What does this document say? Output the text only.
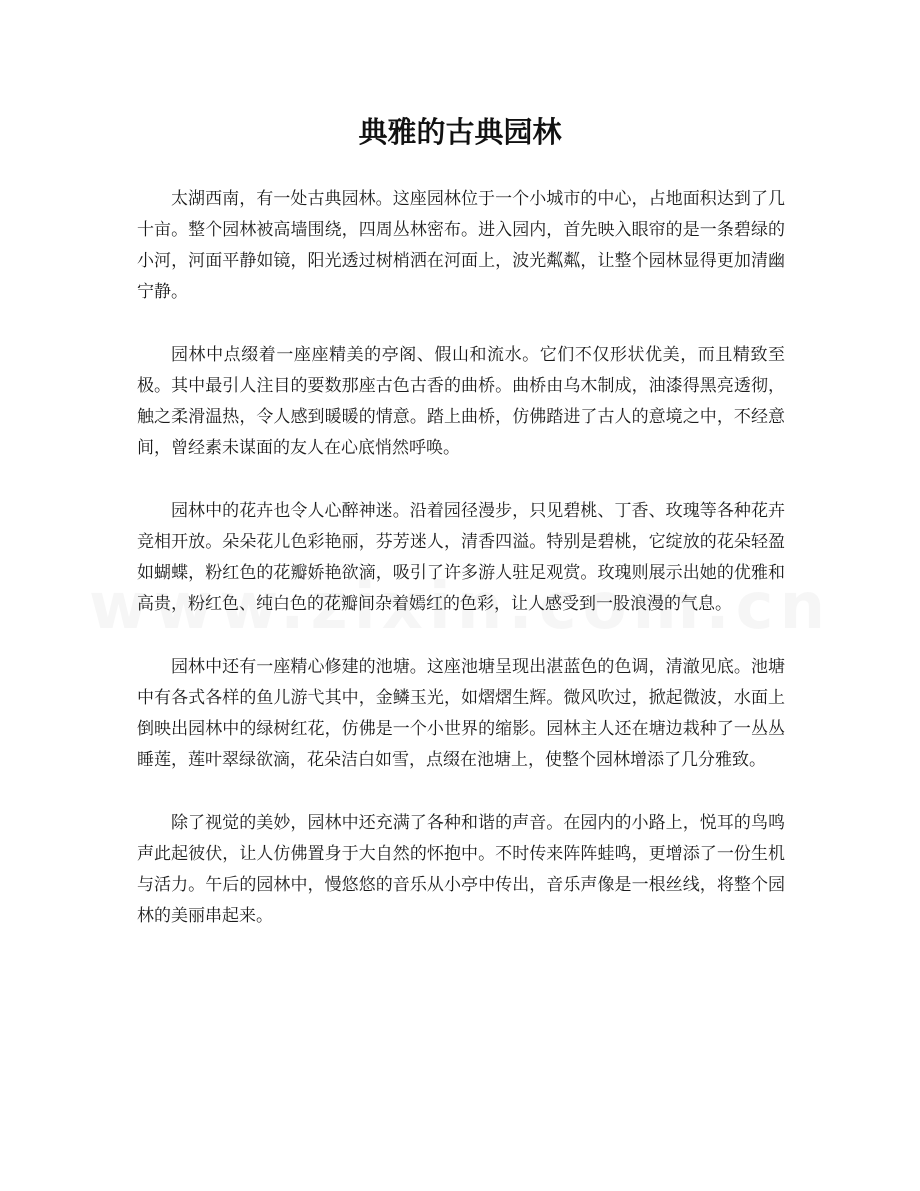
典雅的古典园林

太湖西南，有一处古典园林。这座园林位于一个小城市的中心，占地面积达到了几十亩。整个园林被高墙围绕，四周丛林密布。进入园内，首先映入眼帘的是一条碧绿的小河，河面平静如镜，阳光透过树梢洒在河面上，波光粼粼，让整个园林显得更加清幽宁静。

园林中点缀着一座座精美的亭阁、假山和流水。它们不仅形状优美，而且精致至极。其中最引人注目的要数那座古色古香的曲桥。曲桥由乌木制成，油漆得黑亮透彻，触之柔滑温热，令人感到暖暖的情意。踏上曲桥，仿佛踏进了古人的意境之中，不经意间，曾经素未谋面的友人在心底悄然呼唤。

园林中的花卉也令人心醉神迷。沿着园径漫步，只见碧桃、丁香、玫瑰等各种花卉竞相开放。朵朵花儿色彩艳丽，芬芳迷人，清香四溢。特别是碧桃，它绽放的花朵轻盈如蝴蝶，粉红色的花瓣娇艳欲滴，吸引了许多游人驻足观赏。玫瑰则展示出她的优雅和高贵，粉红色、纯白色的花瓣间杂着嫣红的色彩，让人感受到一股浪漫的气息。

园林中还有一座精心修建的池塘。这座池塘呈现出湛蓝色的色调，清澈见底。池塘中有各式各样的鱼儿游弋其中，金鳞玉光，如熠熠生辉。微风吹过，掀起微波，水面上倒映出园林中的绿树红花，仿佛是一个小世界的缩影。园林主人还在塘边栽种了一丛丛睡莲，莲叶翠绿欲滴，花朵洁白如雪，点缀在池塘上，使整个园林增添了几分雅致。

除了视觉的美妙，园林中还充满了各种和谐的声音。在园内的小路上，悦耳的鸟鸣声此起彼伏，让人仿佛置身于大自然的怀抱中。不时传来阵阵蛙鸣，更增添了一份生机与活力。午后的园林中，慢悠悠的音乐从小亭中传出，音乐声像是一根丝线，将整个园林的美丽串起来。
